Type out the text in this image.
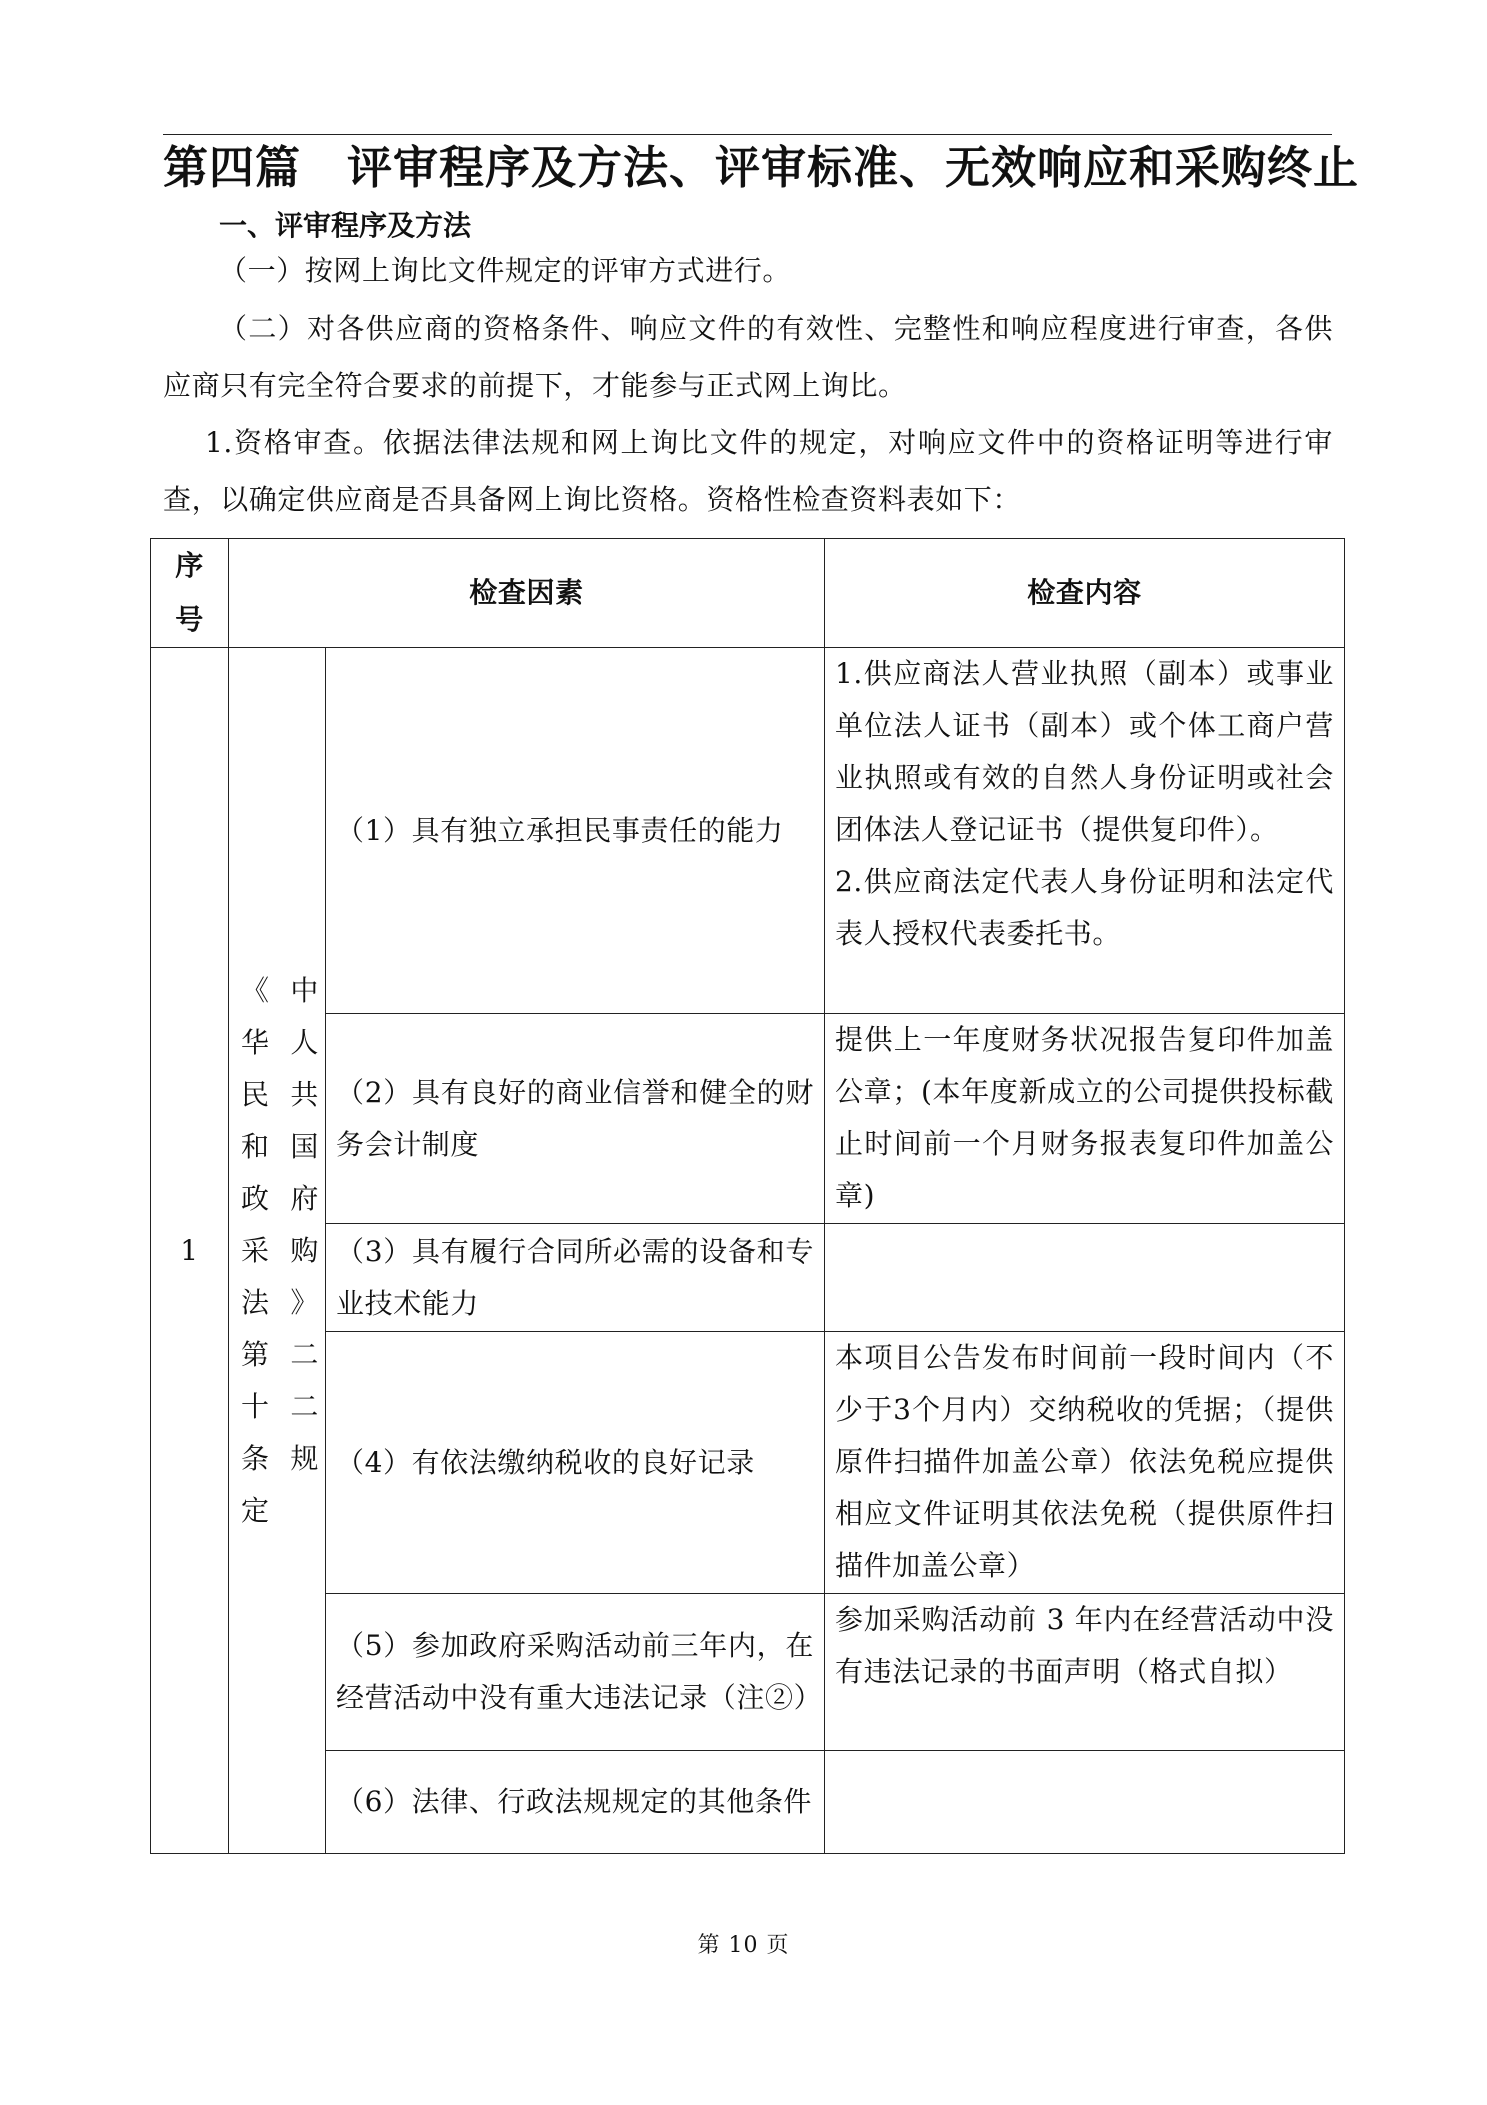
第四篇　评审程序及方法、评审标准、无效响应和采购终止
一、评审程序及方法
（一）按网上询比文件规定的评审方式进行。
（二）对各供应商的资格条件、响应文件的有效性、完整性和响应程度进行审查，各供应商只有完全符合要求的前提下，才能参与正式网上询比。
1.资格审查。依据法律法规和网上询比文件的规定，对响应文件中的资格证明等进行审查，以确定供应商是否具备网上询比资格。资格性检查资料表如下：
序号	检查因素		检查内容
1	《中华人民共和国政府采购法》第二十二条规定	（1）具有独立承担民事责任的能力	1.供应商法人营业执照（副本）或事业单位法人证书（副本）或个体工商户营业执照或有效的自然人身份证明或社会团体法人登记证书（提供复印件）。
2.供应商法定代表人身份证明和法定代表人授权代表委托书。

		（2）具有良好的商业信誉和健全的财务会计制度	提供上一年度财务状况报告复印件加盖公章；(本年度新成立的公司提供投标截止时间前一个月财务报表复印件加盖公章)

		（3）具有履行合同所必需的设备和专业技术能力	
		（4）有依法缴纳税收的良好记录	本项目公告发布时间前一段时间内（不少于3个月内）交纳税收的凭据；（提供原件扫描件加盖公章）依法免税应提供相应文件证明其依法免税（提供原件扫描件加盖公章）

		（5）参加政府采购活动前三年内，在经营活动中没有重大违法记录（注②）	参加采购活动前 3 年内在经营活动中没有违法记录的书面声明（格式自拟）

		（6）法律、行政法规规定的其他条件	
第 10 页
